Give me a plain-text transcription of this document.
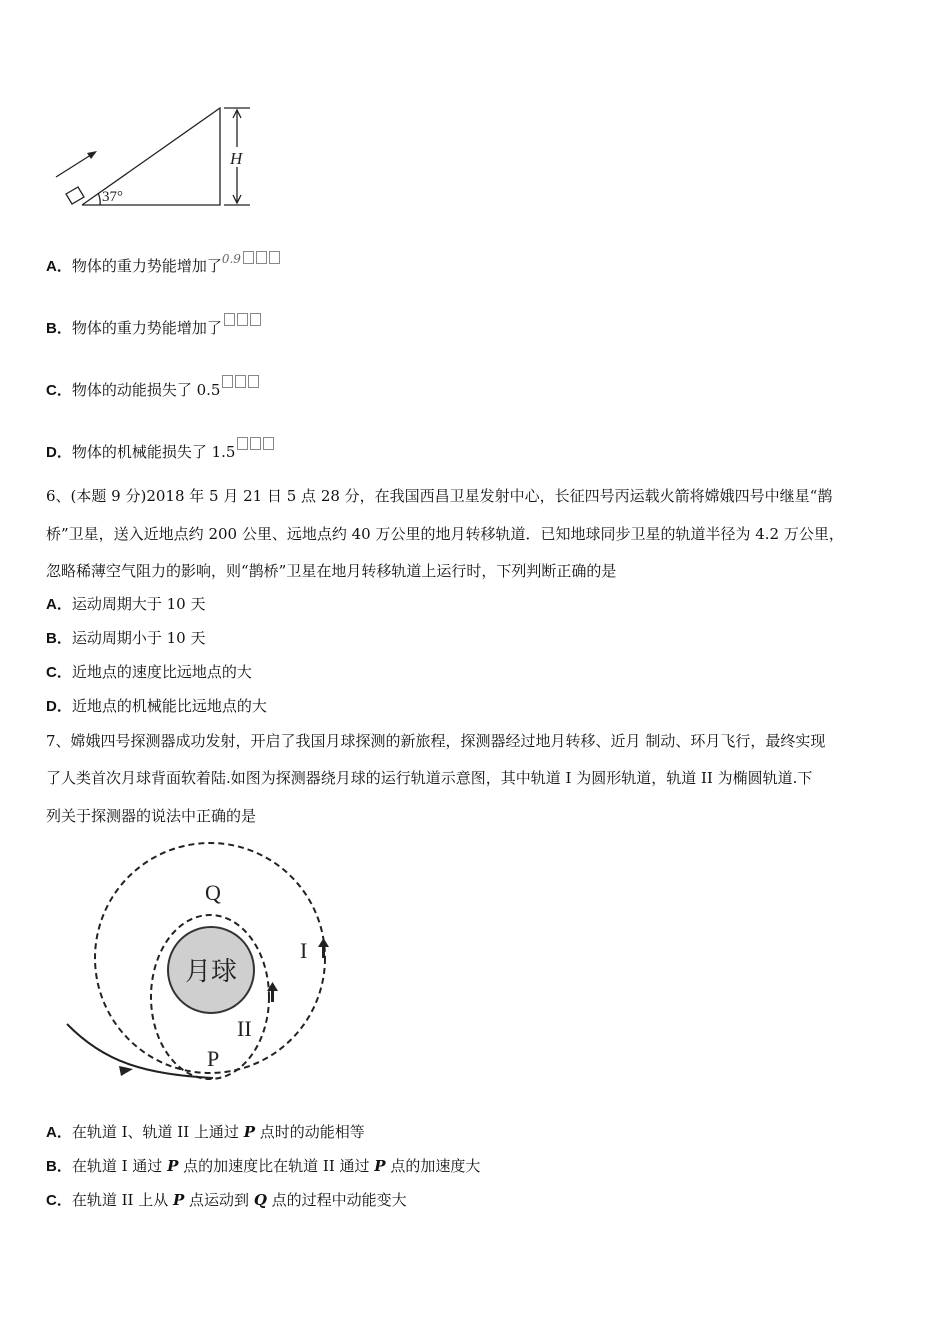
H
37°
A．物体的重力势能增加了$^{0.9}$
B．物体的重力势能增加了
C．物体的动能损失了 0.5
D．物体的机械能损失了 1.5
6、(本题 9 分)2018 年 5 月 21 日 5 点 28 分，在我国西昌卫星发射中心，长征四号丙运载火箭将嫦娥四号中继星“鹊
桥”卫星，送入近地点约 200 公里、远地点约 40 万公里的地月转移轨道．已知地球同步卫星的轨道半径为 4.2 万公里，
忽略稀薄空气阻力的影响，则“鹊桥”卫星在地月转移轨道上运行时，下列判断正确的是
A．运动周期大于 10 天
B．运动周期小于 10 天
C．近地点的速度比远地点的大
D．近地点的机械能比远地点的大
7、嫦娥四号探测器成功发射，开启了我国月球探测的新旅程，探测器经过地月转移、近月 制动、环月飞行，最终实现
了人类首次月球背面软着陆.如图为探测器绕月球的运行轨道示意图，其中轨道 I 为圆形轨道，轨道 II 为椭圆轨道.下
列关于探测器的说法中正确的是
月球
Q
I
II
P
A．在轨道 I、轨道 II 上通过 P 点时的动能相等
B．在轨道 I 通过 P 点的加速度比在轨道 II 通过 P 点的加速度大
C．在轨道 II 上从 P 点运动到 Q 点的过程中动能变大
